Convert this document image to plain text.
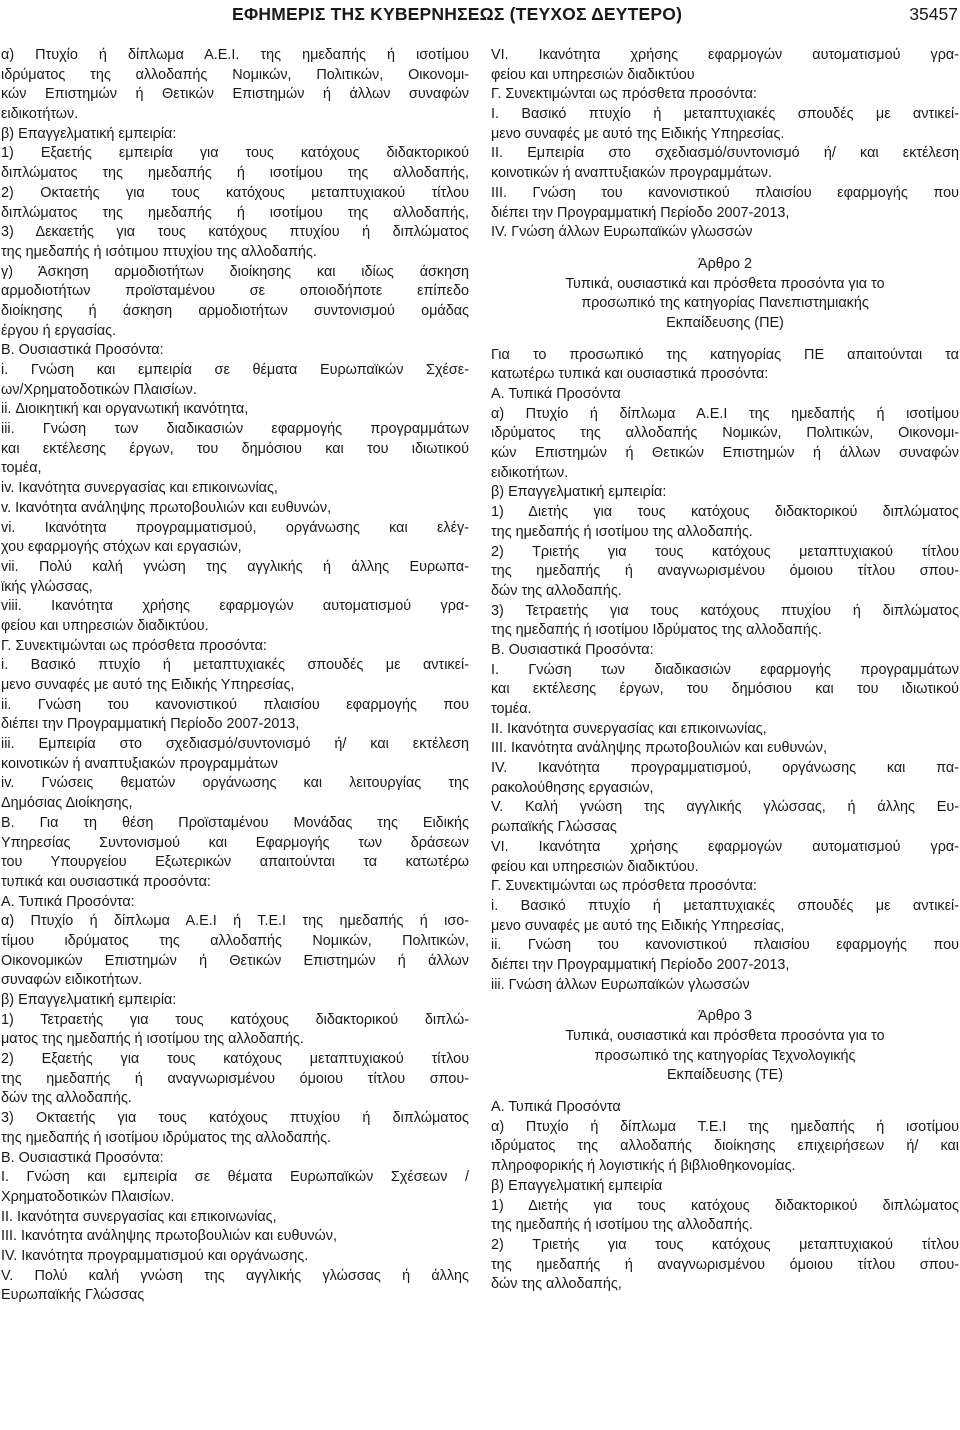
ΕΦΗΜΕΡΙΣ ΤΗΣ ΚΥΒΕΡΝΗΣΕΩΣ (ΤΕΥΧΟΣ ΔΕΥΤΕΡΟ)	35457
α) Πτυχίο ή δίπλωμα Α.Ε.Ι. της ημεδαπής ή ισοτίμου
ιδρύματος της αλλοδαπής Νομικών, Πολιτικών, Οικονομι-
κών Επιστημών ή Θετικών Επιστημών ή άλλων συναφών
ειδικοτήτων.
β) Επαγγελματική εμπειρία:
1) Εξαετής εμπειρία για τους κατόχους διδακτορικού
διπλώματος της ημεδαπής ή ισοτίμου της αλλοδαπής,
2) Οκταετής για τους κατόχους μεταπτυχιακού τίτλου
διπλώματος της ημεδαπής ή ισοτίμου της αλλοδαπής,
3) Δεκαετής για τους κατόχους πτυχίου ή διπλώματος
της ημεδαπής ή ισότιμου πτυχίου της αλλοδαπής.
γ) Άσκηση αρμοδιοτήτων διοίκησης και ιδίως άσκηση
αρμοδιοτήτων προϊσταμένου σε οποιοδήποτε επίπεδο
διοίκησης ή άσκηση αρμοδιοτήτων συντονισμού ομάδας
έργου ή εργασίας.
Β. Ουσιαστικά Προσόντα:
i. Γνώση και εμπειρία σε θέματα Ευρωπαϊκών Σχέσε-
ων/Χρηματοδοτικών Πλαισίων.
ii. Διοικητική και οργανωτική ικανότητα,
iii. Γνώση των διαδικασιών εφαρμογής προγραμμάτων
και εκτέλεσης έργων, του δημόσιου και του ιδιωτικού
τομέα,
iv. Ικανότητα συνεργασίας και επικοινωνίας,
v. Ικανότητα ανάληψης πρωτοβουλιών και ευθυνών,
vi. Ικανότητα προγραμματισμού, οργάνωσης και ελέγ-
χου εφαρμογής στόχων και εργασιών,
vii. Πολύ καλή γνώση της αγγλικής ή άλλης Ευρωπα-
ϊκής γλώσσας,
viii. Ικανότητα χρήσης εφαρμογών αυτοματισμού γρα-
φείου και υπηρεσιών διαδικτύου.
Γ. Συνεκτιμώνται ως πρόσθετα προσόντα:
i. Βασικό πτυχίο ή μεταπτυχιακές σπουδές με αντικεί-
μενο συναφές με αυτό της Ειδικής Υπηρεσίας,
ii. Γνώση του κανονιστικού πλαισίου εφαρμογής που
διέπει την Προγραμματική Περίοδο 2007-2013,
iii. Εμπειρία στο σχεδιασμό/συντονισμό ή/ και εκτέλεση
κοινοτικών ή αναπτυξιακών προγραμμάτων
iv. Γνώσεις θεματών οργάνωσης και λειτουργίας της
Δημόσιας Διοίκησης,
Β. Για τη θέση Προϊσταμένου Μονάδας της Ειδικής
Υπηρεσίας Συντονισμού και Εφαρμογής των δράσεων
του Υπουργείου Εξωτερικών απαιτούνται τα κατωτέρω
τυπικά και ουσιαστικά προσόντα:
Α. Τυπικά Προσόντα:
α) Πτυχίο ή δίπλωμα Α.Ε.Ι ή Τ.Ε.Ι της ημεδαπής ή ισο-
τίμου ιδρύματος της αλλοδαπής Νομικών, Πολιτικών,
Οικονομικών Επιστημών ή Θετικών Επιστημών ή άλλων
συναφών ειδικοτήτων.
β) Επαγγελματική εμπειρία:
1) Τετραετής για τους κατόχους διδακτορικού διπλώ-
ματος της ημεδαπής ή ισοτίμου της αλλοδαπής.
2) Εξαετής για τους κατόχους μεταπτυχιακού τίτλου
της ημεδαπής ή αναγνωρισμένου όμοιου τίτλου σπου-
δών της αλλοδαπής.
3) Οκταετής για τους κατόχους πτυχίου ή διπλώματος
της ημεδαπής ή ισοτίμου ιδρύματος της αλλοδαπής.
Β. Ουσιαστικά Προσόντα:
I. Γνώση και εμπειρία σε θέματα Ευρωπαϊκών Σχέσεων /
Χρηματοδοτικών Πλαισίων.
II. Ικανότητα συνεργασίας και επικοινωνίας,
III. Ικανότητα ανάληψης πρωτοβουλιών και ευθυνών,
IV. Ικανότητα προγραμματισμού και οργάνωσης.
V. Πολύ καλή γνώση της αγγλικής γλώσσας ή άλλης
Ευρωπαϊκής Γλώσσας
VI. Ικανότητα χρήσης εφαρμογών αυτοματισμού γρα-
φείου και υπηρεσιών διαδικτύου
Γ. Συνεκτιμώνται ως πρόσθετα προσόντα:
I. Βασικό πτυχίο ή μεταπτυχιακές σπουδές με αντικεί-
μενο συναφές με αυτό της Ειδικής Υπηρεσίας.
II. Εμπειρία στο σχεδιασμό/συντονισμό ή/ και εκτέλεση
κοινοτικών ή αναπτυξιακών προγραμμάτων.
III. Γνώση του κανονιστικού πλαισίου εφαρμογής που
διέπει την Προγραμματική Περίοδο 2007-2013,
IV. Γνώση άλλων Ευρωπαϊκών γλωσσών
Άρθρο 2
Τυπικά, ουσιαστικά και πρόσθετα προσόντα για το
προσωπικό της κατηγορίας Πανεπιστημιακής
Εκπαίδευσης (ΠΕ)
Για το προσωπικό της κατηγορίας ΠΕ απαιτούνται τα
κατωτέρω τυπικά και ουσιαστικά προσόντα:
Α. Τυπικά Προσόντα
α) Πτυχίο ή δίπλωμα Α.Ε.Ι της ημεδαπής ή ισοτίμου
ιδρύματος της αλλοδαπής Νομικών, Πολιτικών, Οικονομι-
κών Επιστημών ή Θετικών Επιστημών ή άλλων συναφών
ειδικοτήτων.
β) Επαγγελματική εμπειρία:
1) Διετής για τους κατόχους διδακτορικού διπλώματος
της ημεδαπής ή ισοτίμου της αλλοδαπής.
2) Τριετής για τους κατόχους μεταπτυχιακού τίτλου
της ημεδαπής ή αναγνωρισμένου όμοιου τίτλου σπου-
δών της αλλοδαπής.
3) Τετραετής για τους κατόχους πτυχίου ή διπλώματος
της ημεδαπής ή ισοτίμου Ιδρύματος της αλλοδαπής.
Β. Ουσιαστικά Προσόντα:
I. Γνώση των διαδικασιών εφαρμογής προγραμμάτων
και εκτέλεσης έργων, του δημόσιου και του ιδιωτικού
τομέα.
II. Ικανότητα συνεργασίας και επικοινωνίας,
III. Ικανότητα ανάληψης πρωτοβουλιών και ευθυνών,
IV. Ικανότητα προγραμματισμού, οργάνωσης και πα-
ρακολούθησης εργασιών,
V. Καλή γνώση της αγγλικής γλώσσας, ή άλλης Ευ-
ρωπαϊκής Γλώσσας
VI. Ικανότητα χρήσης εφαρμογών αυτοματισμού γρα-
φείου και υπηρεσιών διαδικτύου.
Γ. Συνεκτιμώνται ως πρόσθετα προσόντα:
i. Βασικό πτυχίο ή μεταπτυχιακές σπουδές με αντικεί-
μενο συναφές με αυτό της Ειδικής Υπηρεσίας,
ii. Γνώση του κανονιστικού πλαισίου εφαρμογής που
διέπει την Προγραμματική Περίοδο 2007-2013,
iii. Γνώση άλλων Ευρωπαϊκών γλωσσών
Άρθρο 3
Τυπικά, ουσιαστικά και πρόσθετα προσόντα για το
προσωπικό της κατηγορίας Τεχνολογικής
Εκπαίδευσης (ΤΕ)
Α. Τυπικά Προσόντα
α) Πτυχίο ή δίπλωμα Τ.Ε.Ι της ημεδαπής ή ισοτίμου
ιδρύματος της αλλοδαπής διοίκησης επιχειρήσεων ή/ και
πληροφορικής ή λογιστικής ή βιβλιοθηκονομίας.
β) Επαγγελματική εμπειρία
1) Διετής για τους κατόχους διδακτορικού διπλώματος
της ημεδαπής ή ισοτίμου της αλλοδαπής.
2) Τριετής για τους κατόχους μεταπτυχιακού τίτλου
της ημεδαπής ή αναγνωρισμένου όμοιου τίτλου σπου-
δών της αλλοδαπής,
